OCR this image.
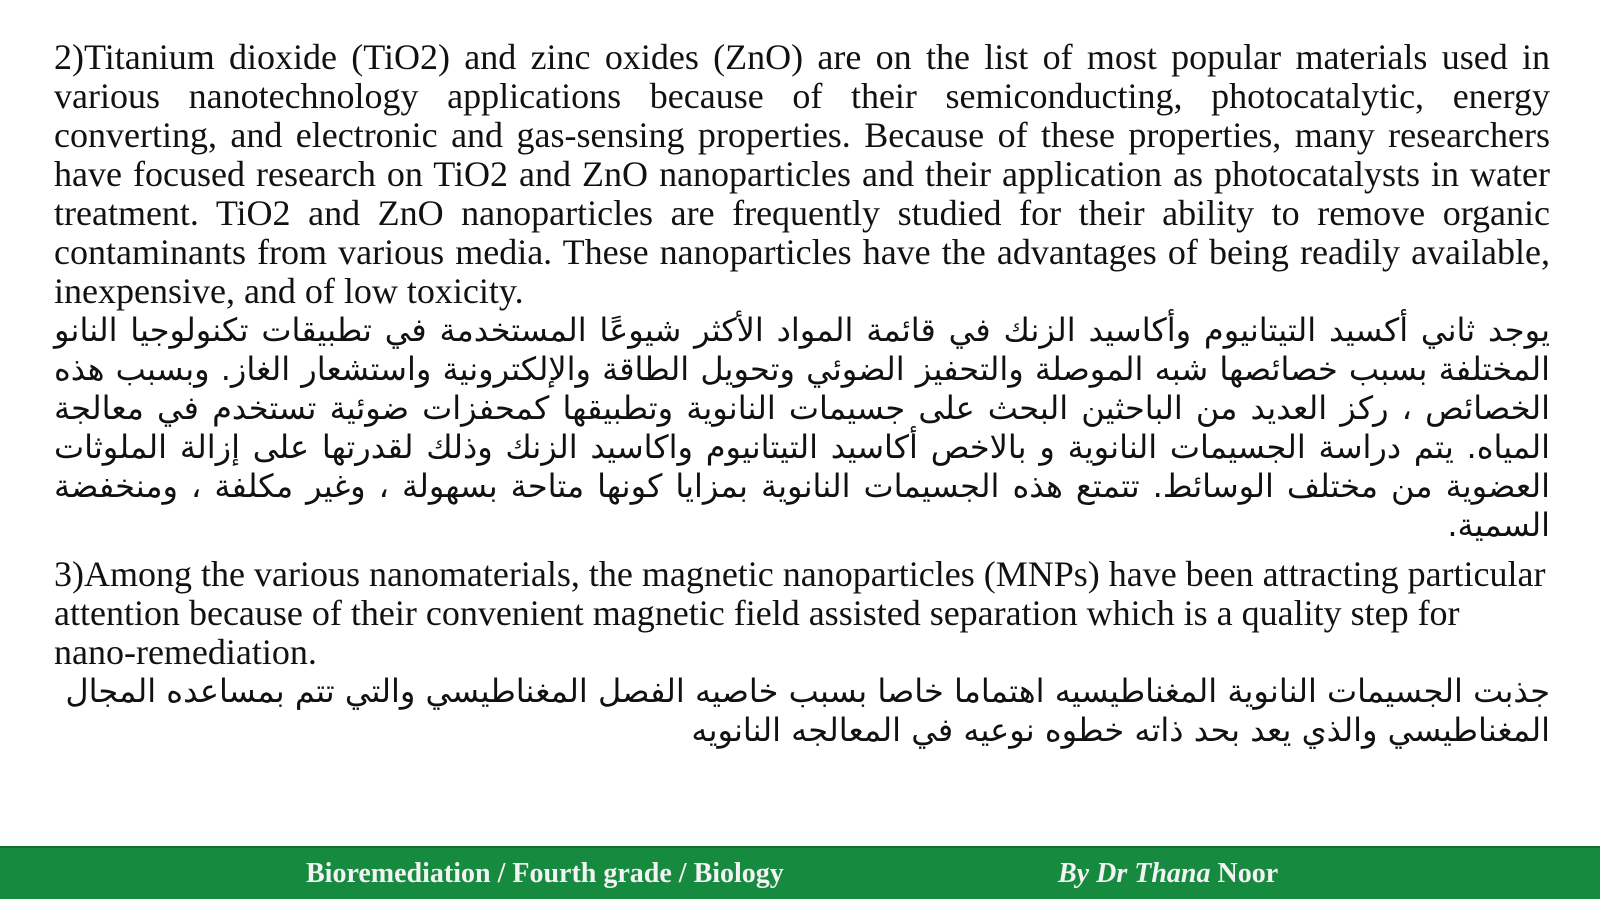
2)Titanium dioxide (TiO2) and zinc oxides (ZnO) are on the list of most popular materials used in various nanotechnology applications because of their semiconducting, photocatalytic, energy converting, and electronic and gas-sensing properties. Because of these properties, many researchers have focused research on TiO2 and ZnO nanoparticles and their application as photocatalysts in water treatment. TiO2 and ZnO nanoparticles are frequently studied for their ability to remove organic contaminants from various media. These nanoparticles have the advantages of being readily available, inexpensive, and of low toxicity.

يوجد ثاني أكسيد التيتانيوم وأكاسيد الزنك في قائمة المواد الأكثر شيوعًا المستخدمة في تطبيقات تكنولوجيا النانو المختلفة بسبب خصائصها شبه الموصلة والتحفيز الضوئي وتحويل الطاقة والإلكترونية واستشعار الغاز. وبسبب هذه الخصائص ، ركز العديد من الباحثين البحث على جسيمات النانوية وتطبيقها كمحفزات ضوئية تستخدم في معالجة المياه. يتم دراسة الجسيمات النانوية و بالاخص أكاسيد التيتانيوم واكاسيد الزنك وذلك لقدرتها على إزالة الملوثات العضوية من مختلف الوسائط. تتمتع هذه الجسيمات النانوية بمزايا كونها متاحة بسهولة ، وغير مكلفة ، ومنخفضة السمية.

3)Among the various nanomaterials, the magnetic nanoparticles (MNPs) have been attracting particular attention because of their convenient magnetic field assisted separation which is a quality step for nano-remediation.

جذبت الجسيمات النانوية المغناطيسيه اهتماما خاصا بسبب خاصيه الفصل المغناطيسي والتي تتم بمساعده المجال المغناطيسي والذي يعد بحد ذاته خطوه نوعيه في المعالجه النانويه

Bioremediation / Fourth grade / Biology	By Dr Thana Noor
